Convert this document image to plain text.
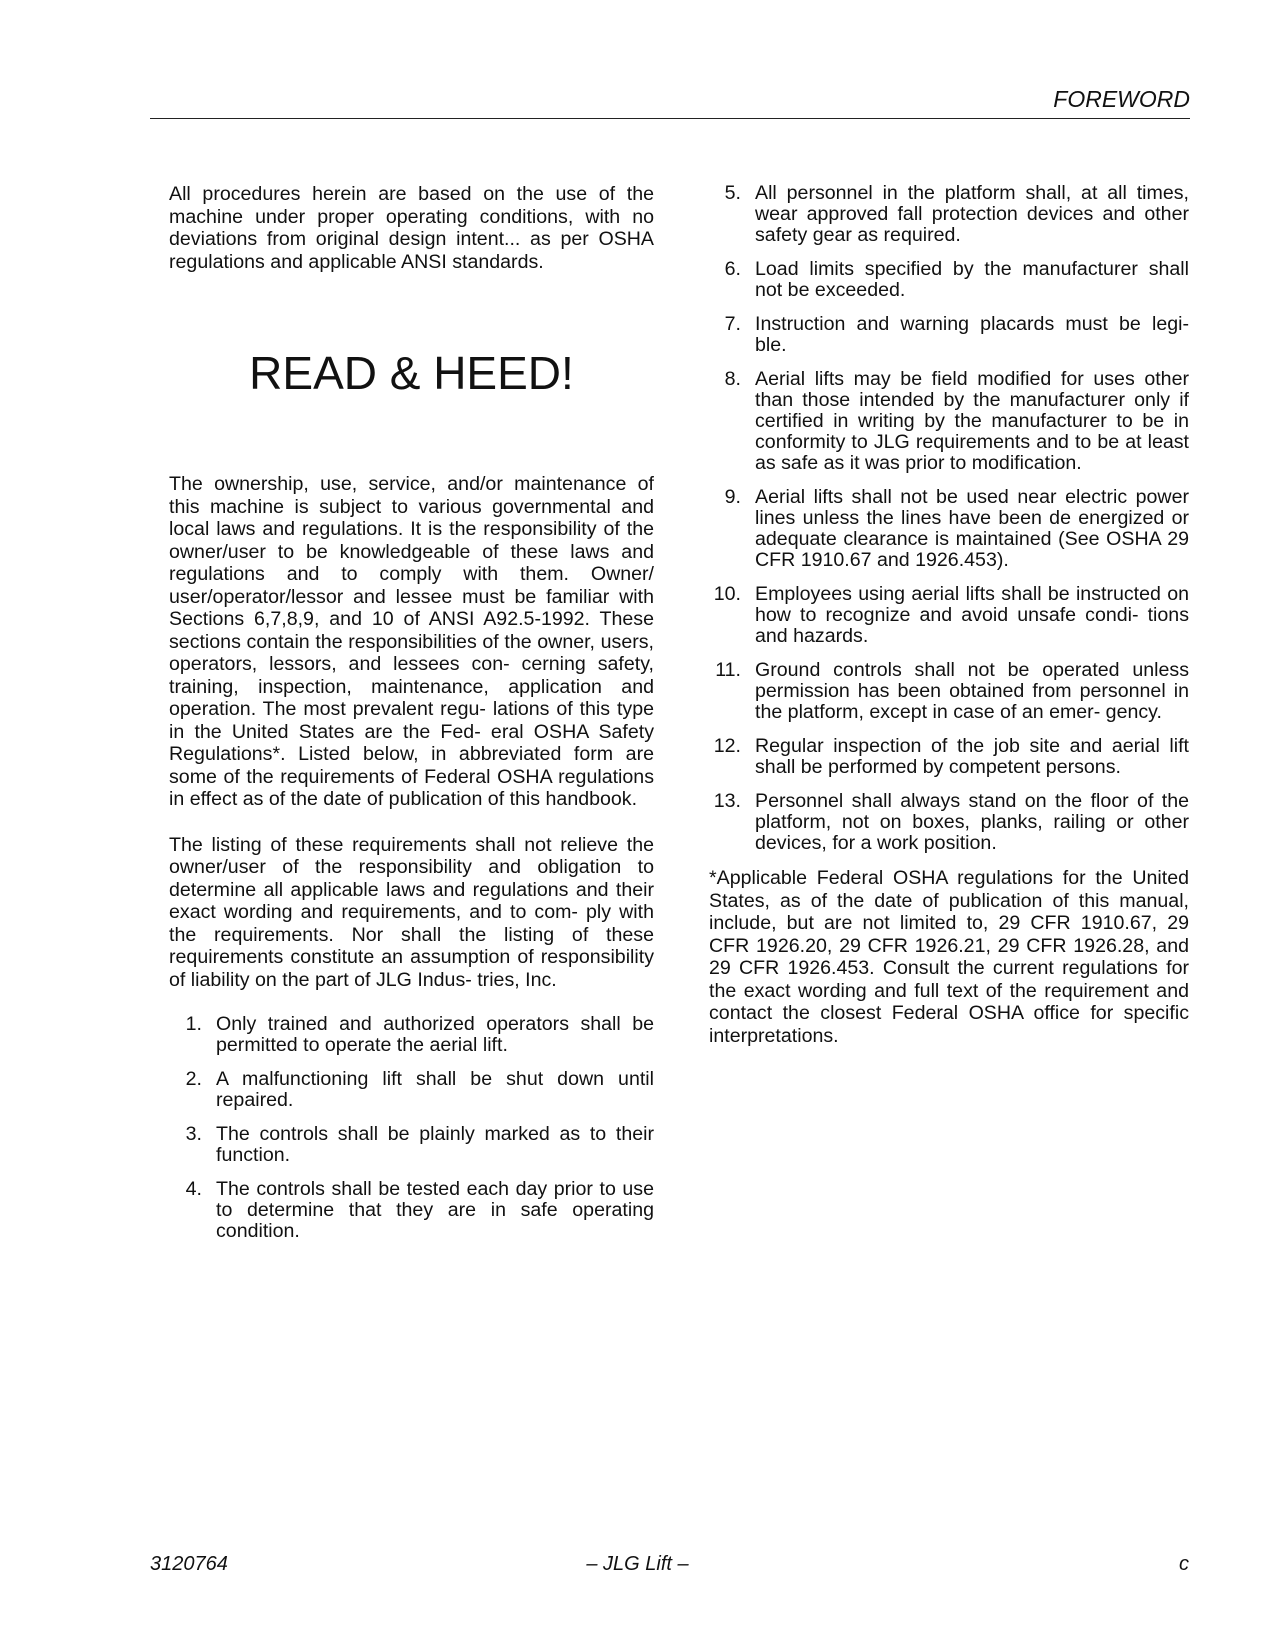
FOREWORD

All procedures herein are based on the use of the machine under proper operating conditions, with no deviations from original design intent... as per OSHA regulations and applicable ANSI standards.

READ & HEED!

The ownership, use, service, and/or maintenance of this machine is subject to various governmental and local laws and regulations. It is the responsibility of the owner/user to be knowledgeable of these laws and regulations and to comply with them. Owner/ user/operator/lessor and lessee must be familiar with Sections 6,7,8,9, and 10 of ANSI A92.5-1992. These sections contain the responsibilities of the owner, users, operators, lessors, and lessees con- cerning safety, training, inspection, maintenance, application and operation. The most prevalent regu- lations of this type in the United States are the Fed- eral OSHA Safety Regulations*. Listed below, in abbreviated form are some of the requirements of Federal OSHA regulations in effect as of the date of publication of this handbook.

The listing of these requirements shall not relieve the owner/user of the responsibility and obligation to determine all applicable laws and regulations and their exact wording and requirements, and to com- ply with the requirements. Nor shall the listing of these requirements constitute an assumption of responsibility of liability on the part of JLG Indus- tries, Inc.

1. Only trained and authorized operators shall be permitted to operate the aerial lift.
2. A malfunctioning lift shall be shut down until repaired.
3. The controls shall be plainly marked as to their function.
4. The controls shall be tested each day prior to use to determine that they are in safe operating condition.
5. All personnel in the platform shall, at all times, wear approved fall protection devices and other safety gear as required.
6. Load limits specified by the manufacturer shall not be exceeded.
7. Instruction and warning placards must be legi- ble.
8. Aerial lifts may be field modified for uses other than those intended by the manufacturer only if certified in writing by the manufacturer to be in conformity to JLG requirements and to be at least as safe as it was prior to modification.
9. Aerial lifts shall not be used near electric power lines unless the lines have been de energized or adequate clearance is maintained (See OSHA 29 CFR 1910.67 and 1926.453).
10. Employees using aerial lifts shall be instructed on how to recognize and avoid unsafe condi- tions and hazards.
11. Ground controls shall not be operated unless permission has been obtained from personnel in the platform, except in case of an emer- gency.
12. Regular inspection of the job site and aerial lift shall be performed by competent persons.
13. Personnel shall always stand on the floor of the platform, not on boxes, planks, railing or other devices, for a work position.

*Applicable Federal OSHA regulations for the United States, as of the date of publication of this manual, include, but are not limited to, 29 CFR 1910.67, 29 CFR 1926.20, 29 CFR 1926.21, 29 CFR 1926.28, and 29 CFR 1926.453. Consult the current regulations for the exact wording and full text of the requirement and contact the closest Federal OSHA office for specific interpretations.

3120764	– JLG Lift –	c
